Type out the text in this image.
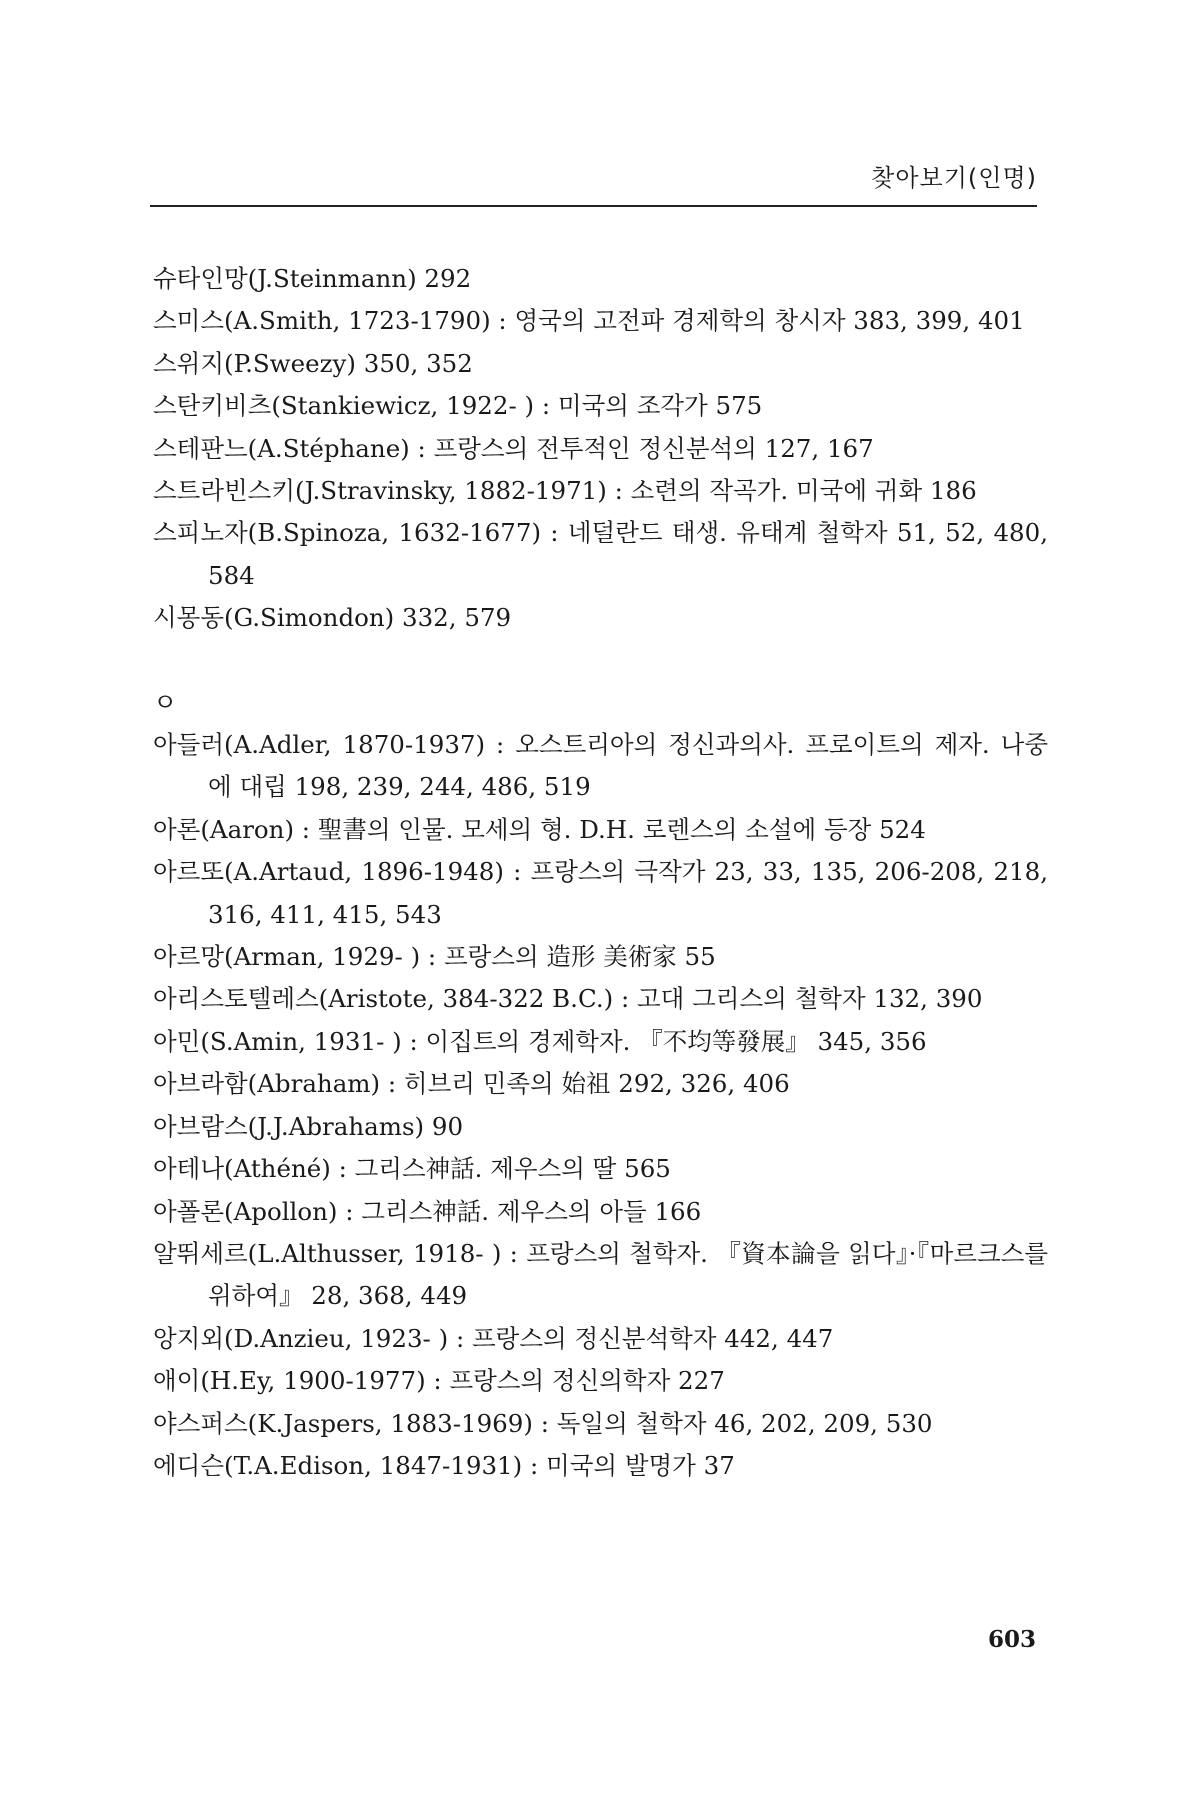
찾아보기(인명)
슈타인망(J.Steinmann) 292
스미스(A.Smith, 1723-1790) : 영국의 고전파 경제학의 창시자 383, 399, 401
스위지(P.Sweezy) 350, 352
스탄키비츠(Stankiewicz, 1922- ) : 미국의 조각가 575
스테판느(A.Stéphane) : 프랑스의 전투적인 정신분석의 127, 167
스트라빈스키(J.Stravinsky, 1882-1971) : 소련의 작곡가. 미국에 귀화 186
스피노자(B.Spinoza, 1632-1677) : 네덜란드 태생. 유태계 철학자 51, 52, 480, 584
시몽동(G.Simondon) 332, 579
ㅇ
아들러(A.Adler, 1870-1937) : 오스트리아의 정신과의사. 프로이트의 제자. 나중에 대립 198, 239, 244, 486, 519
아론(Aaron) : 聖書의 인물. 모세의 형. D.H. 로렌스의 소설에 등장 524
아르또(A.Artaud, 1896-1948) : 프랑스의 극작가 23, 33, 135, 206-208, 218, 316, 411, 415, 543
아르망(Arman, 1929- ) : 프랑스의 造形 美術家 55
아리스토텔레스(Aristote, 384-322 B.C.) : 고대 그리스의 철학자 132, 390
아민(S.Amin, 1931- ) : 이집트의 경제학자. 『不均等發展』 345, 356
아브라함(Abraham) : 히브리 민족의 始祖 292, 326, 406
아브람스(J.J.Abrahams) 90
아테나(Athéné) : 그리스神話. 제우스의 딸 565
아폴론(Apollon) : 그리스神話. 제우스의 아들 166
알뛰세르(L.Althusser, 1918- ) : 프랑스의 철학자. 『資本論을 읽다』·『마르크스를 위하여』 28, 368, 449
앙지외(D.Anzieu, 1923- ) : 프랑스의 정신분석학자 442, 447
애이(H.Ey, 1900-1977) : 프랑스의 정신의학자 227
야스퍼스(K.Jaspers, 1883-1969) : 독일의 철학자 46, 202, 209, 530
에디슨(T.A.Edison, 1847-1931) : 미국의 발명가 37
603
